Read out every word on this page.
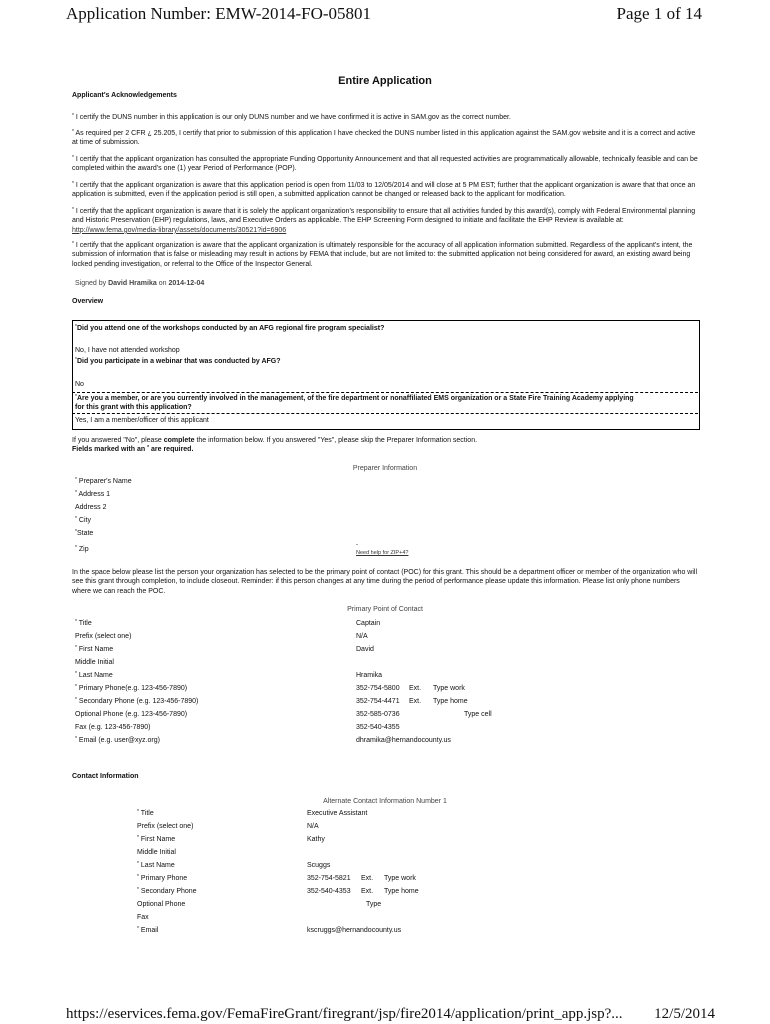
Application Number: EMW-2014-FO-05801	Page 1 of 14
Entire Application
Applicant's Acknowledgements
* I certify the DUNS number in this application is our only DUNS number and we have confirmed it is active in SAM.gov as the correct number.
* As required per 2 CFR ¿ 25.205, I certify that prior to submission of this application I have checked the DUNS number listed in this application against the SAM.gov website and it is a correct and active at time of submission.
* I certify that the applicant organization has consulted the appropriate Funding Opportunity Announcement and that all requested activities are programmatically allowable, technically feasible and can be completed within the award's one (1) year Period of Performance (POP).
* I certify that the applicant organization is aware that this application period is open from 11/03 to 12/05/2014 and will close at 5 PM EST; further that the applicant organization is aware that that once an application is submitted, even if the application period is still open, a submitted application cannot be changed or released back to the applicant for modification.
* I certify that the applicant organization is aware that it is solely the applicant organization's responsibility to ensure that all activities funded by this award(s), comply with Federal Environmental planning and Historic Preservation (EHP) regulations, laws, and Executive Orders as applicable. The EHP Screening Form designed to initiate and facilitate the EHP Review is available at: http://www.fema.gov/media-library/assets/documents/30521?id=6906
* I certify that the applicant organization is aware that the applicant organization is ultimately responsible for the accuracy of all application information submitted. Regardless of the applicant's intent, the submission of information that is false or misleading may result in actions by FEMA that include, but are not limited to: the submitted application not being considered for award, an existing award being locked pending investigation, or referral to the Office of the Inspector General.
Signed by David Hramika on 2014-12-04
Overview
*Did you attend one of the workshops conducted by an AFG regional fire program specialist?
No, I have not attended workshop
*Did you participate in a webinar that was conducted by AFG?
No
*Are you a member, or are you currently involved in the management, of the fire department or nonaffiliated EMS organization or a State Fire Training Academy applying for this grant with this application?
Yes, I am a member/officer of this applicant
If you answered "No", please complete the information below. If you answered "Yes", please skip the Preparer Information section.
Fields marked with an * are required.
Preparer Information
* Preparer's Name
* Address 1
Address 2
* City
*State
* Zip
-
Need help for ZIP+4?
In the space below please list the person your organization has selected to be the primary point of contact (POC) for this grant. This should be a department officer or member of the organization who will see this grant through completion, to include closeout. Reminder: if this person changes at any time during the period of performance please update this information. Please list only phone numbers where we can reach the POC.
Primary Point of Contact
* Title	Captain
Prefix (select one)	N/A
* First Name	David
Middle Initial
* Last Name	Hramika
* Primary Phone(e.g. 123-456-7890)	352-754-5800 Ext. Type work
* Secondary Phone (e.g. 123-456-7890)	352-754-4471 Ext. Type home
Optional Phone (e.g. 123-456-7890)	352-585-0736	Type cell
Fax (e.g. 123-456-7890)	352-540-4355
* Email (e.g. user@xyz.org)	dhramika@hernandocounty.us
Contact Information
Alternate Contact Information Number 1
* Title	Executive Assistant
Prefix (select one)	N/A
* First Name	Kathy
Middle Initial
* Last Name	Scuggs
* Primary Phone	352-754-5821 Ext. Type work
* Secondary Phone	352-540-4353 Ext. Type home
Optional Phone	Type
Fax
* Email	kscruggs@hernandocounty.us
https://eservices.fema.gov/FemaFireGrant/firegrant/jsp/fire2014/application/print_app.jsp?... 12/5/2014
